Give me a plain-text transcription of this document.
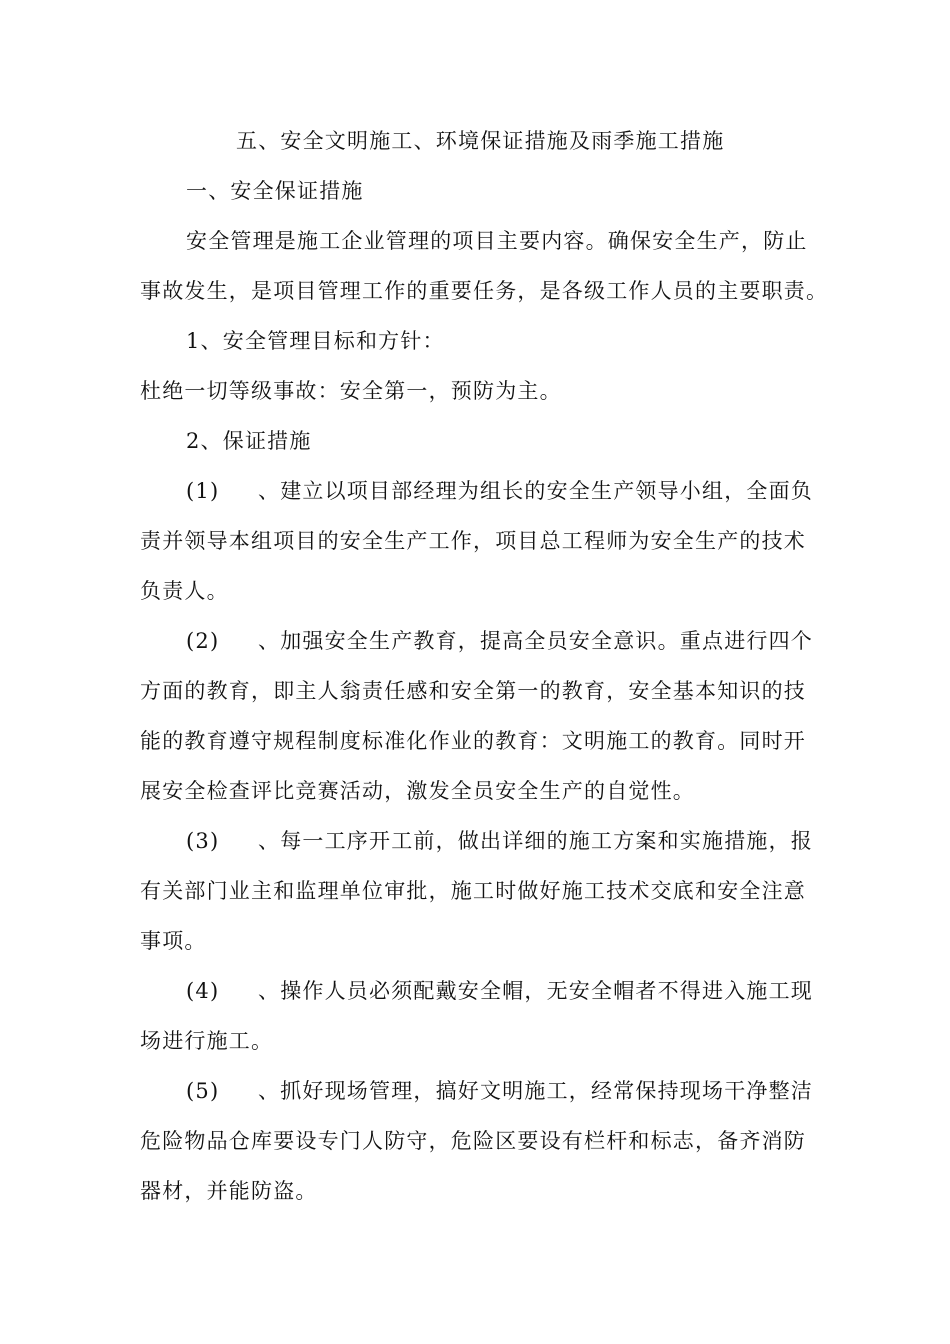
五、安全文明施工、环境保证措施及雨季施工措施
一、安全保证措施
安全管理是施工企业管理的项目主要内容。确保安全生产，防止
事故发生，是项目管理工作的重要任务，是各级工作人员的主要职责。
1、安全管理目标和方针：
杜绝一切等级事故：安全第一，预防为主。
2、保证措施
(1) 、建立以项目部经理为组长的安全生产领导小组，全面负
责并领导本组项目的安全生产工作，项目总工程师为安全生产的技术
负责人。
(2) 、加强安全生产教育，提高全员安全意识。重点进行四个
方面的教育，即主人翁责任感和安全第一的教育，安全基本知识的技
能的教育遵守规程制度标准化作业的教育：文明施工的教育。同时开
展安全检查评比竞赛活动，激发全员安全生产的自觉性。
(3) 、每一工序开工前，做出详细的施工方案和实施措施，报
有关部门业主和监理单位审批，施工时做好施工技术交底和安全注意
事项。
(4) 、操作人员必须配戴安全帽，无安全帽者不得进入施工现
场进行施工。
(5) 、抓好现场管理，搞好文明施工，经常保持现场干净整洁
危险物品仓库要设专门人防守，危险区要设有栏杆和标志，备齐消防
器材，并能防盗。
